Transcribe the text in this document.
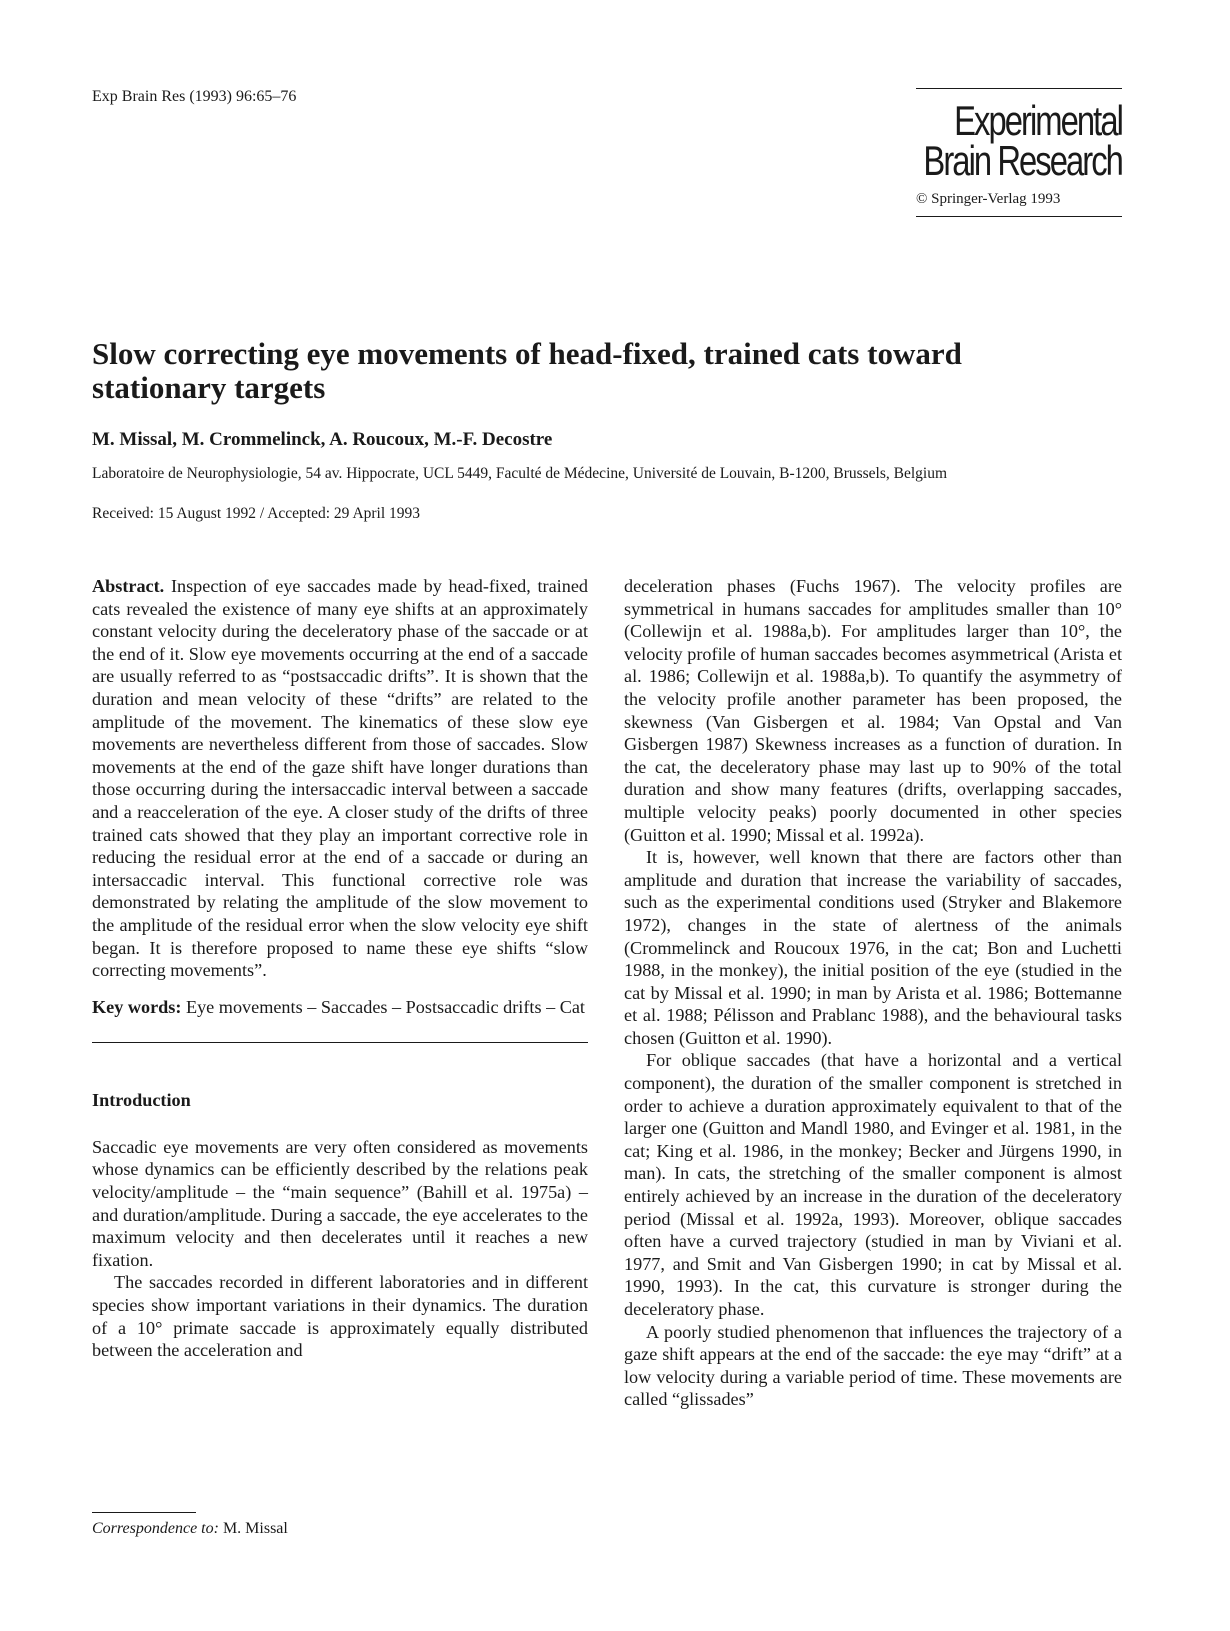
Exp Brain Res (1993) 96:65–76
Experimental
Brain Research
© Springer-Verlag 1993
Slow correcting eye movements of head-fixed, trained cats toward stationary targets
M. Missal, M. Crommelinck, A. Roucoux, M.-F. Decostre
Laboratoire de Neurophysiologie, 54 av. Hippocrate, UCL 5449, Faculté de Médecine, Université de Louvain, B-1200, Brussels, Belgium
Received: 15 August 1992 / Accepted: 29 April 1993

Abstract. Inspection of eye saccades made by head-fixed, trained cats revealed the existence of many eye shifts at an approximately constant velocity during the deceleratory phase of the saccade or at the end of it. Slow eye movements occurring at the end of a saccade are usually referred to as “postsaccadic drifts”. It is shown that the duration and mean velocity of these “drifts” are related to the amplitude of the movement. The kinematics of these slow eye movements are nevertheless different from those of saccades. Slow movements at the end of the gaze shift have longer durations than those occurring during the intersaccadic interval between a saccade and a reacceleration of the eye. A closer study of the drifts of three trained cats showed that they play an important corrective role in reducing the residual error at the end of a saccade or during an intersaccadic interval. This functional corrective role was demonstrated by relating the amplitude of the slow movement to the amplitude of the residual error when the slow velocity eye shift began. It is therefore proposed to name these eye shifts “slow correcting movements”.

Key words: Eye movements – Saccades – Postsaccadic drifts – Cat

Introduction

Saccadic eye movements are very often considered as movements whose dynamics can be efficiently described by the relations peak velocity/amplitude – the “main sequence” (Bahill et al. 1975a) – and duration/amplitude. During a saccade, the eye accelerates to the maximum velocity and then decelerates until it reaches a new fixation.

The saccades recorded in different laboratories and in different species show important variations in their dynamics. The duration of a 10° primate saccade is approximately equally distributed between the acceleration and

deceleration phases (Fuchs 1967). The velocity profiles are symmetrical in humans saccades for amplitudes smaller than 10° (Collewijn et al. 1988a,b). For amplitudes larger than 10°, the velocity profile of human saccades becomes asymmetrical (Arista et al. 1986; Collewijn et al. 1988a,b). To quantify the asymmetry of the velocity profile another parameter has been proposed, the skewness (Van Gisbergen et al. 1984; Van Opstal and Van Gisbergen 1987) Skewness increases as a function of duration. In the cat, the deceleratory phase may last up to 90% of the total duration and show many features (drifts, overlapping saccades, multiple velocity peaks) poorly documented in other species (Guitton et al. 1990; Missal et al. 1992a).

It is, however, well known that there are factors other than amplitude and duration that increase the variability of saccades, such as the experimental conditions used (Stryker and Blakemore 1972), changes in the state of alertness of the animals (Crommelinck and Roucoux 1976, in the cat; Bon and Luchetti 1988, in the monkey), the initial position of the eye (studied in the cat by Missal et al. 1990; in man by Arista et al. 1986; Bottemanne et al. 1988; Pélisson and Prablanc 1988), and the behavioural tasks chosen (Guitton et al. 1990).

For oblique saccades (that have a horizontal and a vertical component), the duration of the smaller component is stretched in order to achieve a duration approximately equivalent to that of the larger one (Guitton and Mandl 1980, and Evinger et al. 1981, in the cat; King et al. 1986, in the monkey; Becker and Jürgens 1990, in man). In cats, the stretching of the smaller component is almost entirely achieved by an increase in the duration of the deceleratory period (Missal et al. 1992a, 1993). Moreover, oblique saccades often have a curved trajectory (studied in man by Viviani et al. 1977, and Smit and Van Gisbergen 1990; in cat by Missal et al. 1990, 1993). In the cat, this curvature is stronger during the deceleratory phase.

A poorly studied phenomenon that influences the trajectory of a gaze shift appears at the end of the saccade: the eye may “drift” at a low velocity during a variable period of time. These movements are called “glissades”

Correspondence to: M. Missal
